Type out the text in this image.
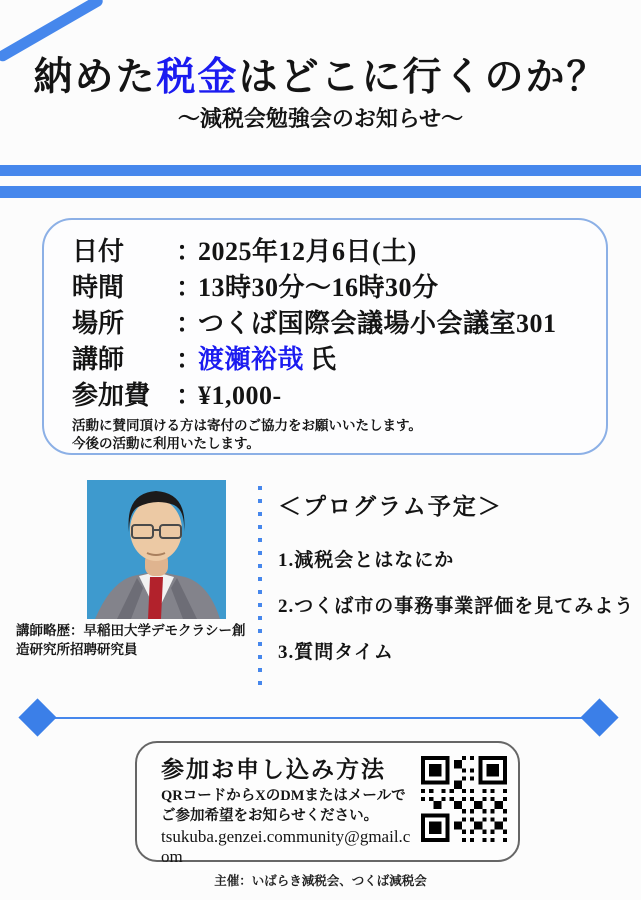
納めた税金はどこに行くのか？
～減税会勉強会のお知らせ～
日付	：
2025年12月6日(土)
時間	：
13時30分～16時30分
場所	：
つくば国際会議場小会議室301
講師	：
渡瀬裕哉 氏
参加費 ：
¥1,000-
活動に賛同頂ける方は寄付のご協力をお願いいたします。
今後の活動に利用いたします。
講師略歴：早稲田大学デモクラシー創造研究所招聘研究員
＜プログラム予定＞
1.減税会とはなにか
2.つくば市の事務事業評価を見てみよう
3.質問タイム
参加お申し込み方法
QRコードからXのDMまたはメールで
ご参加希望をお知らせください。
tsukuba.genzei.community@gmail.com
主催：いばらき減税会、つくば減税会
